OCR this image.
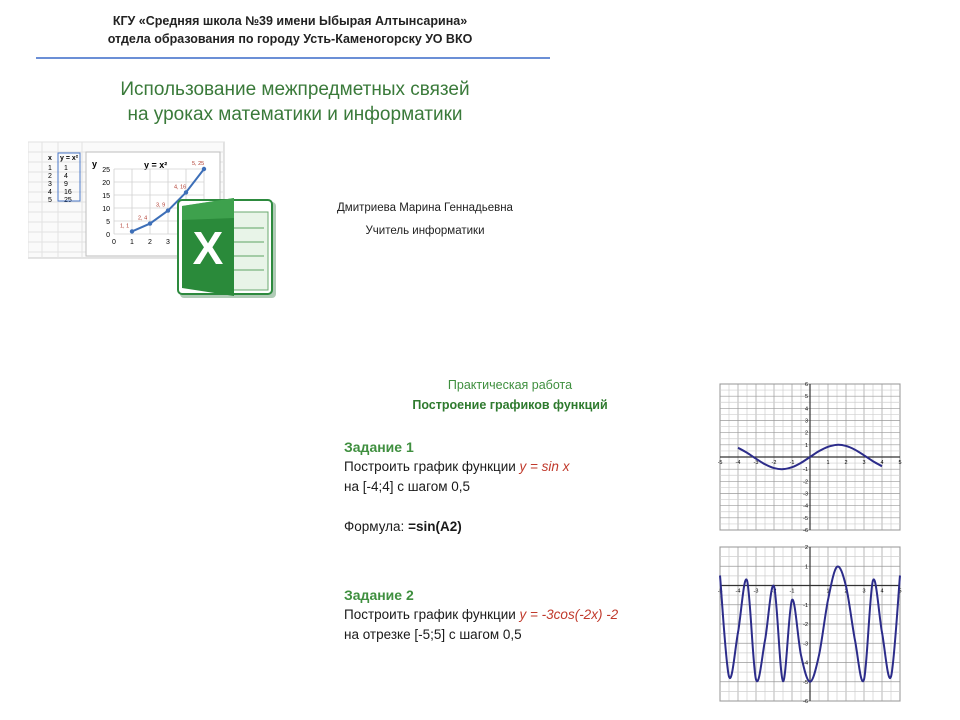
КГУ «Средняя школа №39 имени Ыбырая Алтынсарина»
отдела образования по городу Усть-Каменогорску УО ВКО
Использование межпредметных связей
на уроках математики и информатики
x y = x²
1 1
2 4
3 9
4 16
5 25
y	y = x²
25
20
15
10
5
0
0 1 2 3
1, 1
2, 4
3, 9
4, 16
5, 25
X
Дмитриева Марина Геннадьевна
Учитель информатики
Практическая работа
Построение графиков функций
Задание 1
Построить график функции y = sin x
на [-4;4] с шагом 0,5
Формула: =sin(A2)
Задание 2
Построить график функции y = -3cos(-2x) -2
на отрезке [-5;5] с шагом 0,5
-5 -4 -3 -2 -1	1	2	3	4	5
-6
-5
-4
-3
-2
-1
1
2
3
4
5
6
-5 -4 -3 -2 -1	1	2	3	4	5
-6
-5
-4
-3
-2
-1
1
2
